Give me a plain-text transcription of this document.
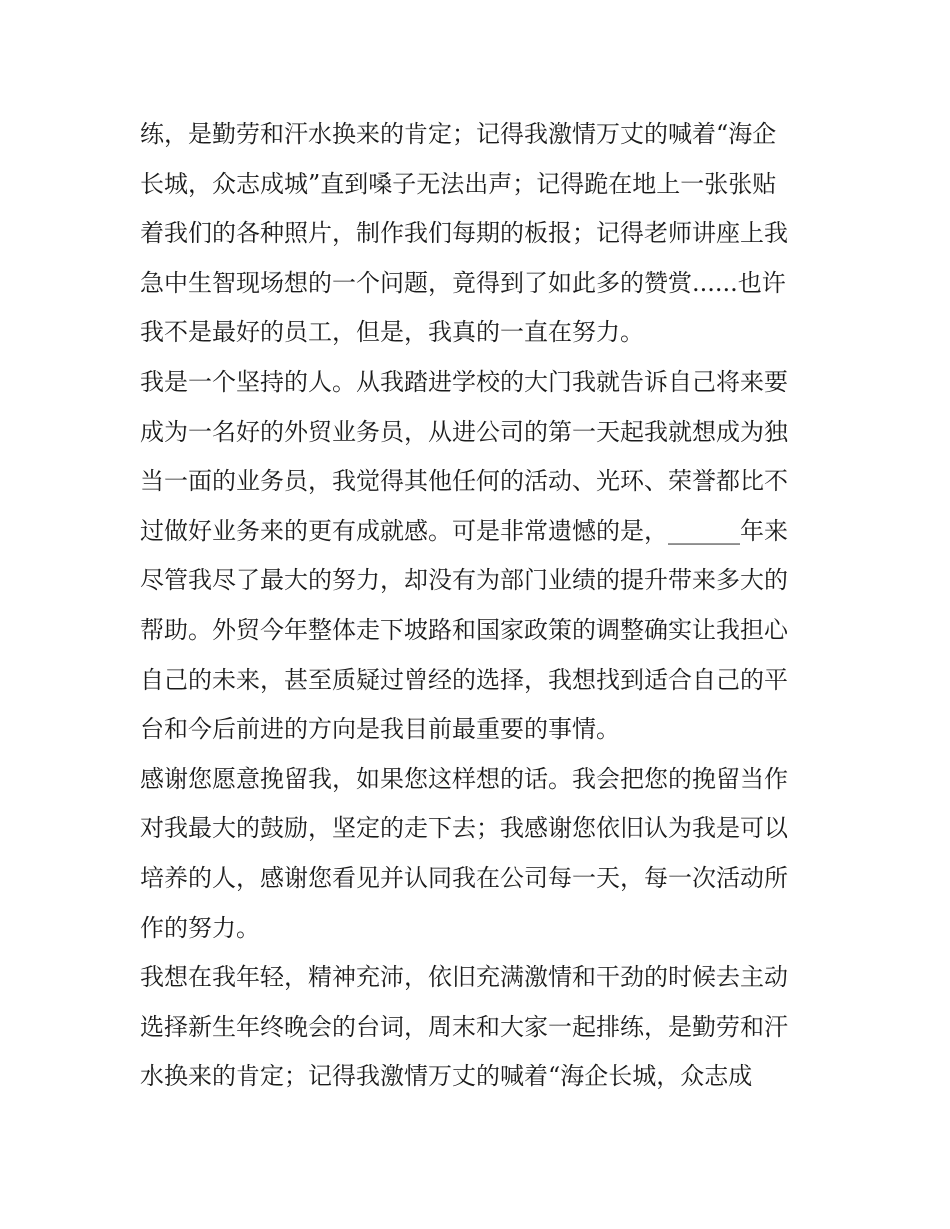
练，是勤劳和汗水换来的肯定；记得我激情万丈的喊着“海企
长城，众志成城”直到嗓子无法出声；记得跪在地上一张张贴
着我们的各种照片，制作我们每期的板报；记得老师讲座上我
急中生智现场想的一个问题，竟得到了如此多的赞赏......也许
我不是最好的员工，但是，我真的一直在努力。
我是一个坚持的人。从我踏进学校的大门我就告诉自己将来要
成为一名好的外贸业务员，从进公司的第一天起我就想成为独
当一面的业务员，我觉得其他任何的活动、光环、荣誉都比不
过做好业务来的更有成就感。可是非常遗憾的是，______年来
尽管我尽了最大的努力，却没有为部门业绩的提升带来多大的
帮助。外贸今年整体走下坡路和国家政策的调整确实让我担心
自己的未来，甚至质疑过曾经的选择，我想找到适合自己的平
台和今后前进的方向是我目前最重要的事情。
感谢您愿意挽留我，如果您这样想的话。我会把您的挽留当作
对我最大的鼓励，坚定的走下去；我感谢您依旧认为我是可以
培养的人，感谢您看见并认同我在公司每一天，每一次活动所
作的努力。
我想在我年轻，精神充沛，依旧充满激情和干劲的时候去主动
选择新生年终晚会的台词，周末和大家一起排练，是勤劳和汗
水换来的肯定；记得我激情万丈的喊着“海企长城，众志成
